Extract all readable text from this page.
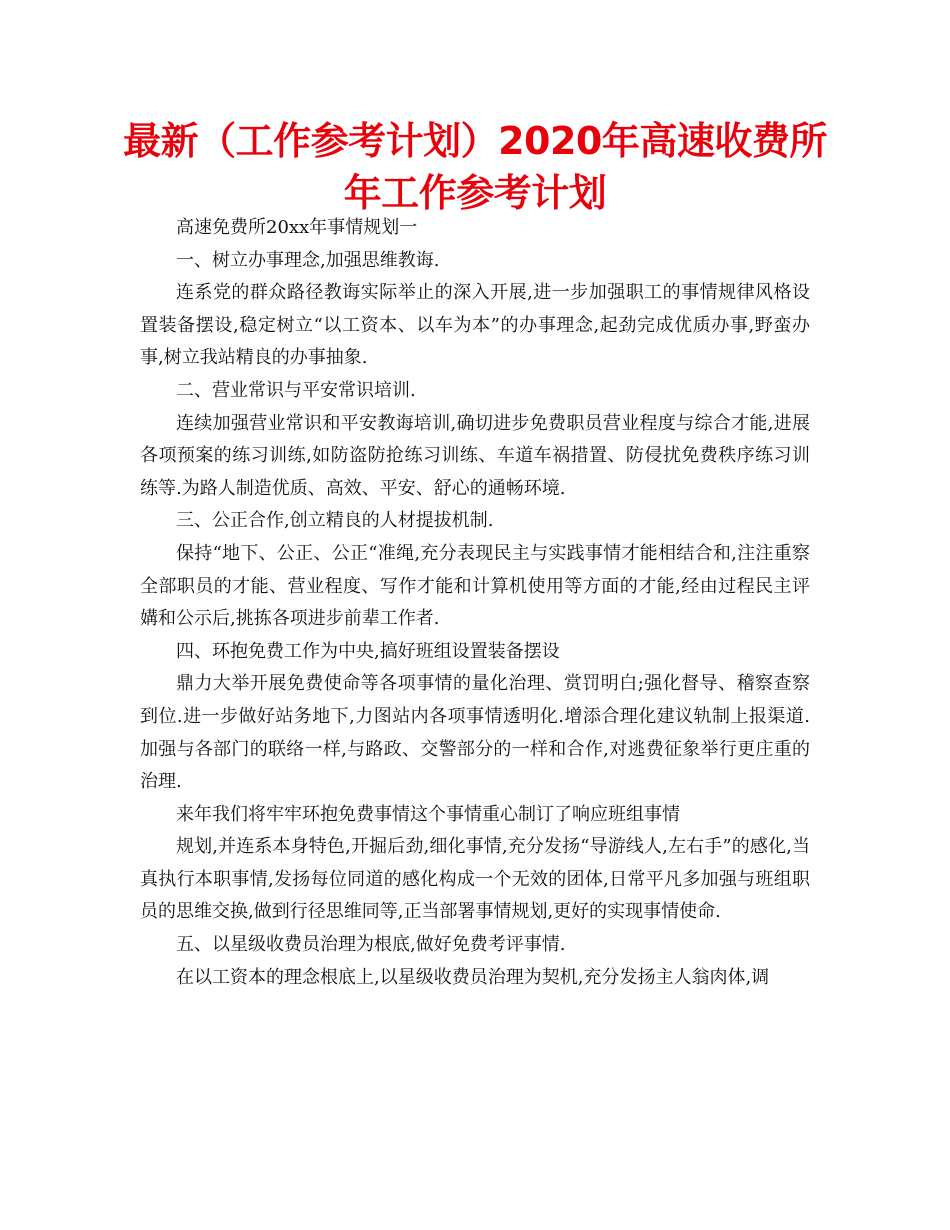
最新（工作参考计划）2020年高速收费所年工作参考计划

高速免费所20xx年事情规划一

一、树立办事理念,加强思维教诲.

连系党的群众路径教诲实际举止的深入开展,进一步加强职工的事情规律风格设置装备摆设,稳定树立“以工资本、以车为本”的办事理念,起劲完成优质办事,野蛮办事,树立我站精良的办事抽象.

二、营业常识与平安常识培训.

连续加强营业常识和平安教诲培训,确切进步免费职员营业程度与综合才能,进展各项预案的练习训练,如防盗防抢练习训练、车道车祸措置、防侵扰免费秩序练习训练等.为路人制造优质、高效、平安、舒心的通畅环境.

三、公正合作,创立精良的人材提拔机制.

保持“地下、公正、公正“准绳,充分表现民主与实践事情才能相结合和,注注重察全部职员的才能、营业程度、写作才能和计算机使用等方面的才能,经由过程民主评媾和公示后,挑拣各项进步前辈工作者.

四、环抱免费工作为中央,搞好班组设置装备摆设

鼎力大举开展免费使命等各项事情的量化治理、赏罚明白;强化督导、稽察查察到位.进一步做好站务地下,力图站内各项事情透明化.增添合理化建议轨制上报渠道.加强与各部门的联络一样,与路政、交警部分的一样和合作,对逃费征象举行更庄重的治理.

来年我们将牢牢环抱免费事情这个事情重心制订了响应班组事情

规划,并连系本身特色,开掘后劲,细化事情,充分发扬“导游线人,左右手”的感化,当真执行本职事情,发扬每位同道的感化构成一个无效的团体,日常平凡多加强与班组职员的思维交换,做到行径思维同等,正当部署事情规划,更好的实现事情使命.

五、以星级收费员治理为根底,做好免费考评事情.

在以工资本的理念根底上,以星级收费员治理为契机,充分发扬主人翁肉体,调
